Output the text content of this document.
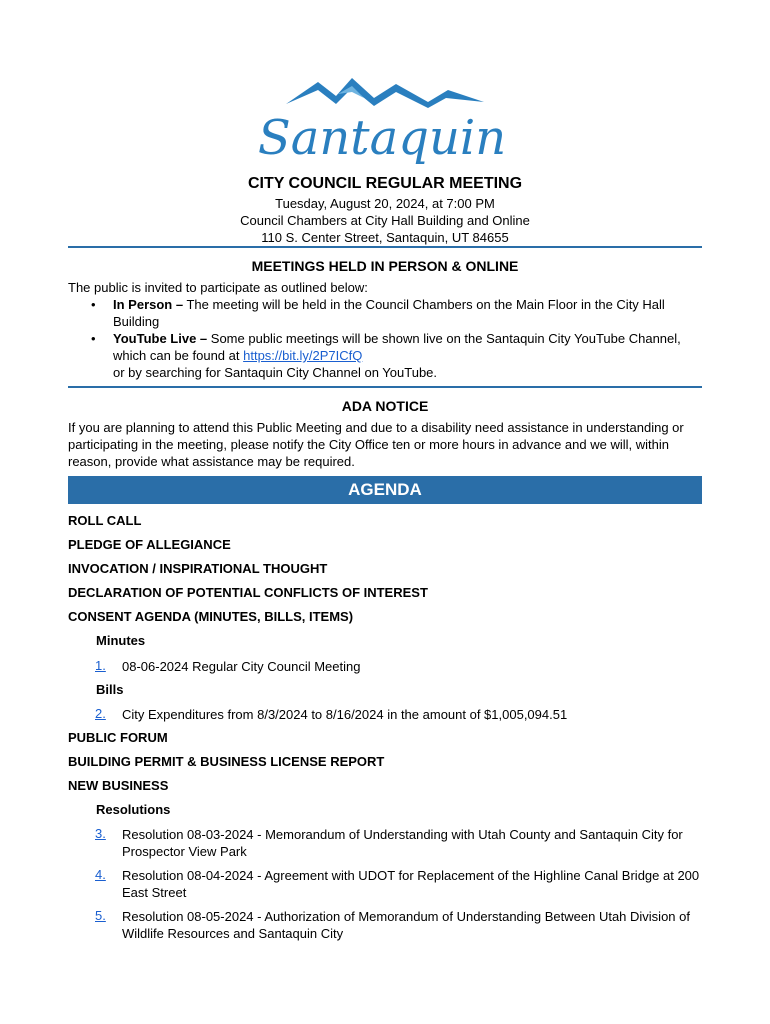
Santaquin
CITY COUNCIL REGULAR MEETING
Tuesday, August 20, 2024, at 7:00 PM
Council Chambers at City Hall Building and Online
110 S. Center Street, Santaquin, UT 84655
MEETINGS HELD IN PERSON & ONLINE
The public is invited to participate as outlined below:
• In Person – The meeting will be held in the Council Chambers on the Main Floor in the City Hall Building
• YouTube Live – Some public meetings will be shown live on the Santaquin City YouTube Channel, which can be found at https://bit.ly/2P7ICfQ
or by searching for Santaquin City Channel on YouTube.
ADA NOTICE
If you are planning to attend this Public Meeting and due to a disability need assistance in understanding or participating in the meeting, please notify the City Office ten or more hours in advance and we will, within reason, provide what assistance may be required.
AGENDA
ROLL CALL
PLEDGE OF ALLEGIANCE
INVOCATION / INSPIRATIONAL THOUGHT
DECLARATION OF POTENTIAL CONFLICTS OF INTEREST
CONSENT AGENDA (MINUTES, BILLS, ITEMS)
Minutes
1. 08-06-2024 Regular City Council Meeting
Bills
2. City Expenditures from 8/3/2024 to 8/16/2024 in the amount of $1,005,094.51
PUBLIC FORUM
BUILDING PERMIT & BUSINESS LICENSE REPORT
NEW BUSINESS
Resolutions
3. Resolution 08-03-2024 - Memorandum of Understanding with Utah County and Santaquin City for Prospector View Park
4. Resolution 08-04-2024 - Agreement with UDOT for Replacement of the Highline Canal Bridge at 200 East Street
5. Resolution 08-05-2024 - Authorization of Memorandum of Understanding Between Utah Division of Wildlife Resources and Santaquin City
